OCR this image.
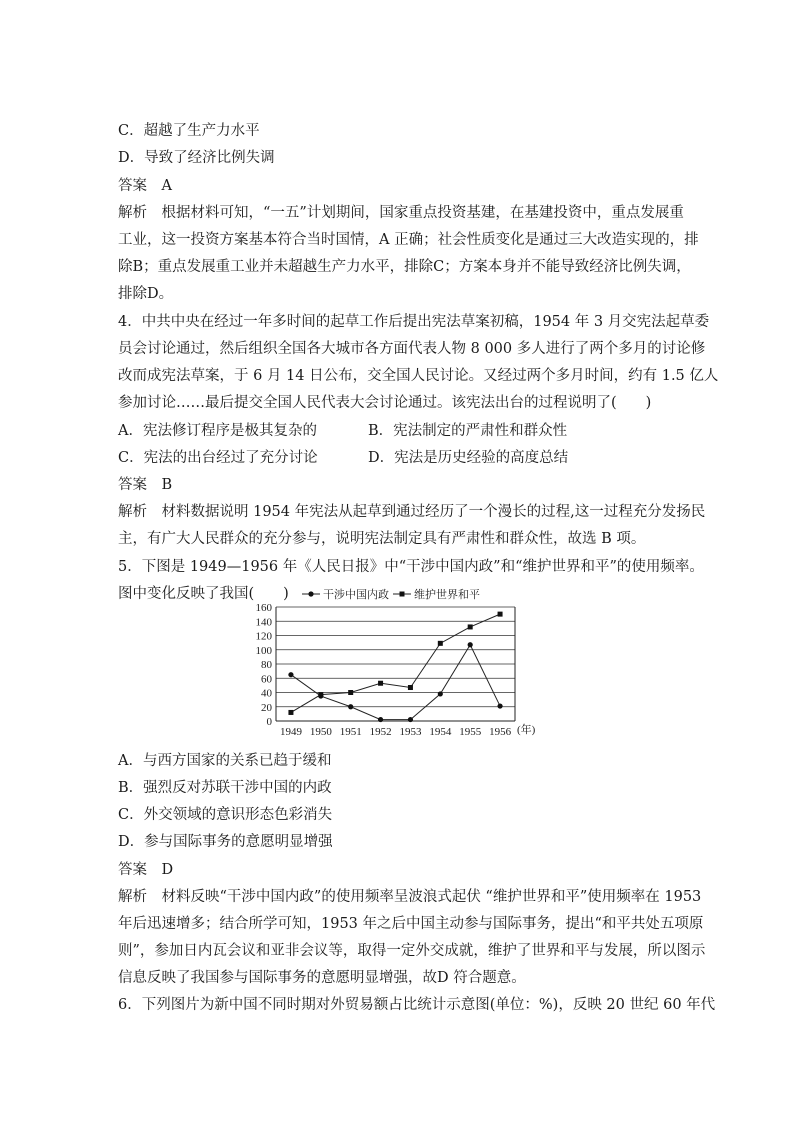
C．超越了生产力水平
D．导致了经济比例失调
答案　A
解析　根据材料可知，“一五”计划期间，国家重点投资基建，在基建投资中，重点发展重
工业，这一投资方案基本符合当时国情，A 正确；社会性质变化是通过三大改造实现的，排
除B；重点发展重工业并未超越生产力水平，排除C；方案本身并不能导致经济比例失调，
排除D。
4．中共中央在经过一年多时间的起草工作后提出宪法草案初稿，1954 年 3 月交宪法起草委
员会讨论通过，然后组织全国各大城市各方面代表人物 8 000 多人进行了两个多月的讨论修
改而成宪法草案，于 6 月 14 日公布，交全国人民讨论。又经过两个多月时间，约有 1.5 亿人
参加讨论……最后提交全国人民代表大会讨论通过。该宪法出台的过程说明了(　　)
A．宪法修订程序是极其复杂的	B．宪法制定的严肃性和群众性
C．宪法的出台经过了充分讨论	D．宪法是历史经验的高度总结
答案　B
解析　材料数据说明 1954 年宪法从起草到通过经历了一个漫长的过程,这一过程充分发扬民
主，有广大人民群众的充分参与，说明宪法制定具有严肃性和群众性，故选 B 项。
5．下图是 1949—1956 年《人民日报》中“干涉中国内政”和“维护世界和平”的使用频率。
图中变化反映了我国(　　)
0
20
40
60
80
100
120
140
160
1949 1950 1951 1952 1953 1954 1955 1956 (年)
干涉中国内政 维护世界和平
A．与西方国家的关系已趋于缓和
B．强烈反对苏联干涉中国的内政
C．外交领域的意识形态色彩消失
D．参与国际事务的意愿明显增强
答案　D
解析　材料反映“干涉中国内政”的使用频率呈波浪式起伏 “维护世界和平”使用频率在 1953
年后迅速增多；结合所学可知，1953 年之后中国主动参与国际事务，提出“和平共处五项原
则”，参加日内瓦会议和亚非会议等，取得一定外交成就，维护了世界和平与发展，所以图示
信息反映了我国参与国际事务的意愿明显增强，故D 符合题意。
6．下列图片为新中国不同时期对外贸易额占比统计示意图(单位：%)，反映 20 世纪 60 年代
